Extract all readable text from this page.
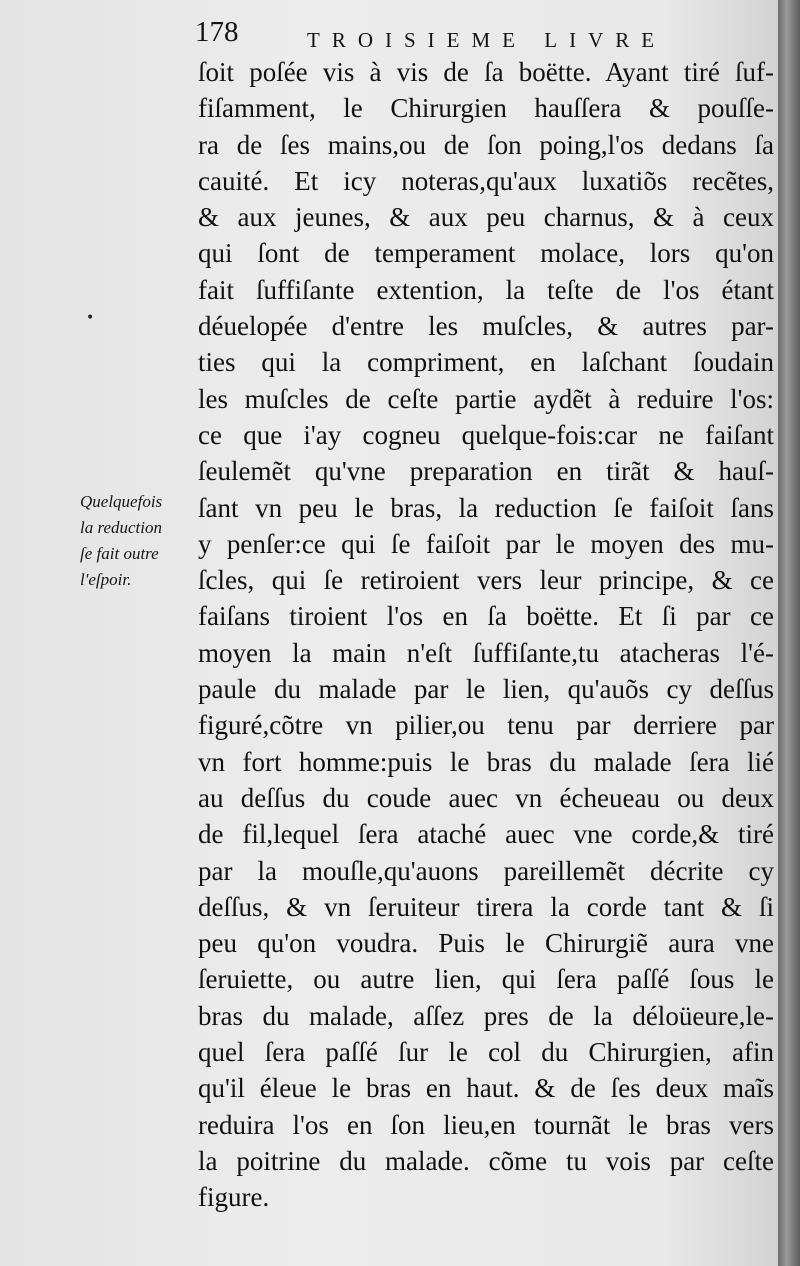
178	TROISIEME LIVRE
•
Quelquefois
la reduction
ſe fait outre
l'eſpoir.
ſoit poſée vis à vis de ſa boëtte. Ayant tiré ſuf-
fiſamment, le Chirurgien hauſſera & pouſſe-
ra de ſes mains,ou de ſon poing,l'os dedans ſa
cauité. Et icy noteras,qu'aux luxatiõs recẽtes,
& aux jeunes, & aux peu charnus, & à ceux
qui ſont de temperament molace, lors qu'on
fait ſuffiſante extention, la teſte de l'os étant
déuelopée d'entre les muſcles, & autres par-
ties qui la compriment, en laſchant ſoudain
les muſcles de ceſte partie aydẽt à reduire l'os:
ce que i'ay cogneu quelque-fois:car ne faiſant
ſeulemẽt qu'vne preparation en tirãt & hauſ-
ſant vn peu le bras, la reduction ſe faiſoit ſans
y penſer:ce qui ſe faiſoit par le moyen des mu-
ſcles, qui ſe retiroient vers leur principe, & ce
faiſans tiroient l'os en ſa boëtte. Et ſi par ce
moyen la main n'eſt ſuffiſante,tu atacheras l'é-
paule du malade par le lien, qu'auõs cy deſſus
figuré,cõtre vn pilier,ou tenu par derriere par
vn fort homme:puis le bras du malade ſera lié
au deſſus du coude auec vn écheueau ou deux
de fil,lequel ſera ataché auec vne corde,& tiré
par la mouſle,qu'auons pareillemẽt décrite cy
deſſus, & vn ſeruiteur tirera la corde tant & ſi
peu qu'on voudra. Puis le Chirurgiẽ aura vne
ſeruiette, ou autre lien, qui ſera paſſé ſous le
bras du malade, aſſez pres de la déloüeure,le-
quel ſera paſſé ſur le col du Chirurgien, afin
qu'il éleue le bras en haut. & de ſes deux maĩs
reduira l'os en ſon lieu,en tournãt le bras vers
la poitrine du malade. cõme tu vois par ceſte
figure.
